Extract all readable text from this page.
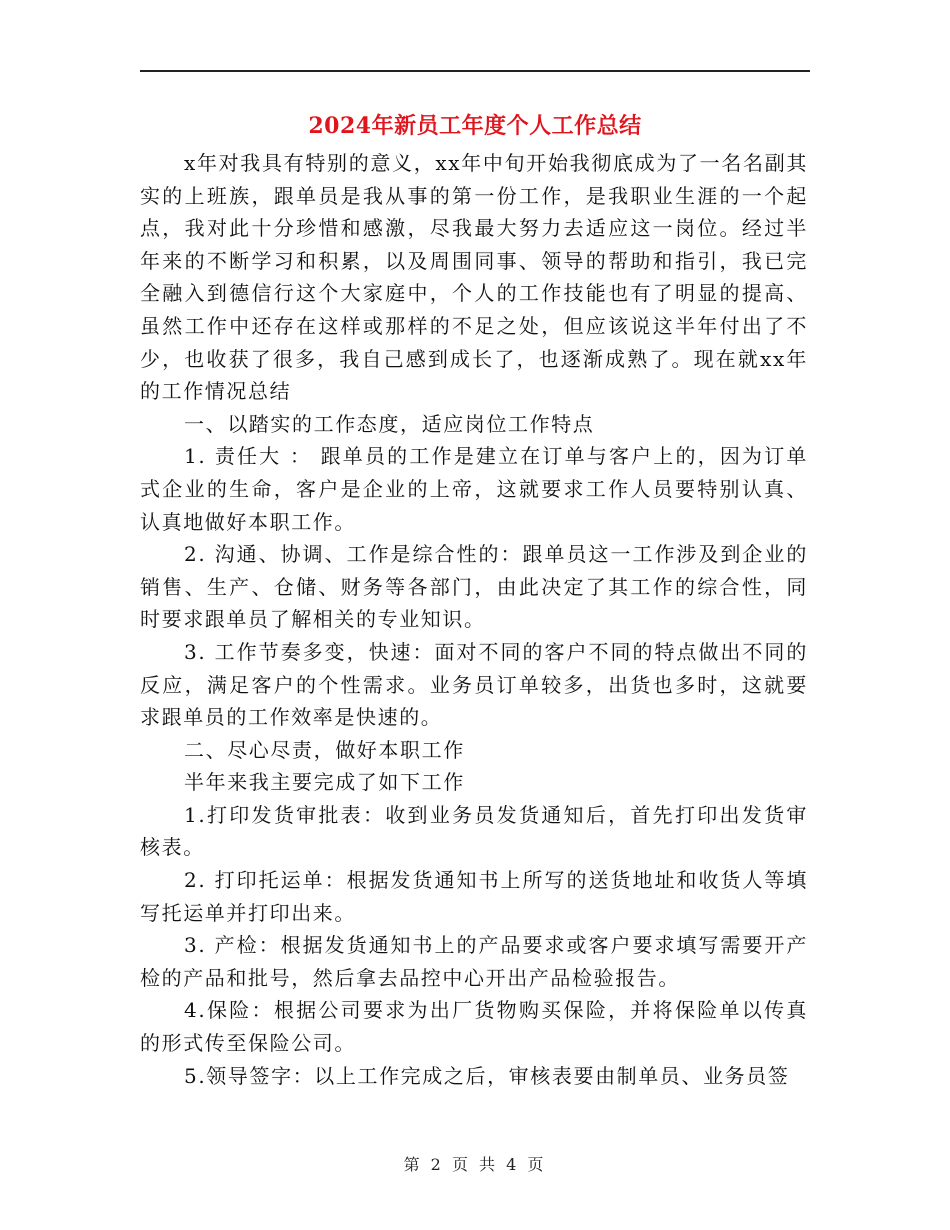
2024年新员工年度个人工作总结

x年对我具有特别的意义，xx年中旬开始我彻底成为了一名名副其实的上班族，跟单员是我从事的第一份工作，是我职业生涯的一个起点，我对此十分珍惜和感激，尽我最大努力去适应这一岗位。经过半年来的不断学习和积累，以及周围同事、领导的帮助和指引，我已完全融入到德信行这个大家庭中，个人的工作技能也有了明显的提高、虽然工作中还存在这样或那样的不足之处，但应该说这半年付出了不少，也收获了很多，我自己感到成长了，也逐渐成熟了。现在就xx年的工作情况总结

一、以踏实的工作态度，适应岗位工作特点

1. 责任大 ： 跟单员的工作是建立在订单与客户上的，因为订单式企业的生命，客户是企业的上帝，这就要求工作人员要特别认真、认真地做好本职工作。

2. 沟通、协调、工作是综合性的：跟单员这一工作涉及到企业的销售、生产、仓储、财务等各部门，由此决定了其工作的综合性，同时要求跟单员了解相关的专业知识。

3. 工作节奏多变，快速：面对不同的客户不同的特点做出不同的反应，满足客户的个性需求。业务员订单较多，出货也多时，这就要求跟单员的工作效率是快速的。

二、尽心尽责，做好本职工作

半年来我主要完成了如下工作

1.打印发货审批表：收到业务员发货通知后，首先打印出发货审核表。

2. 打印托运单：根据发货通知书上所写的送货地址和收货人等填写托运单并打印出来。

3. 产检：根据发货通知书上的产品要求或客户要求填写需要开产检的产品和批号，然后拿去品控中心开出产品检验报告。

4.保险：根据公司要求为出厂货物购买保险，并将保险单以传真的形式传至保险公司。

5.领导签字：以上工作完成之后，审核表要由制单员、业务员签

第 2 页 共 4 页
